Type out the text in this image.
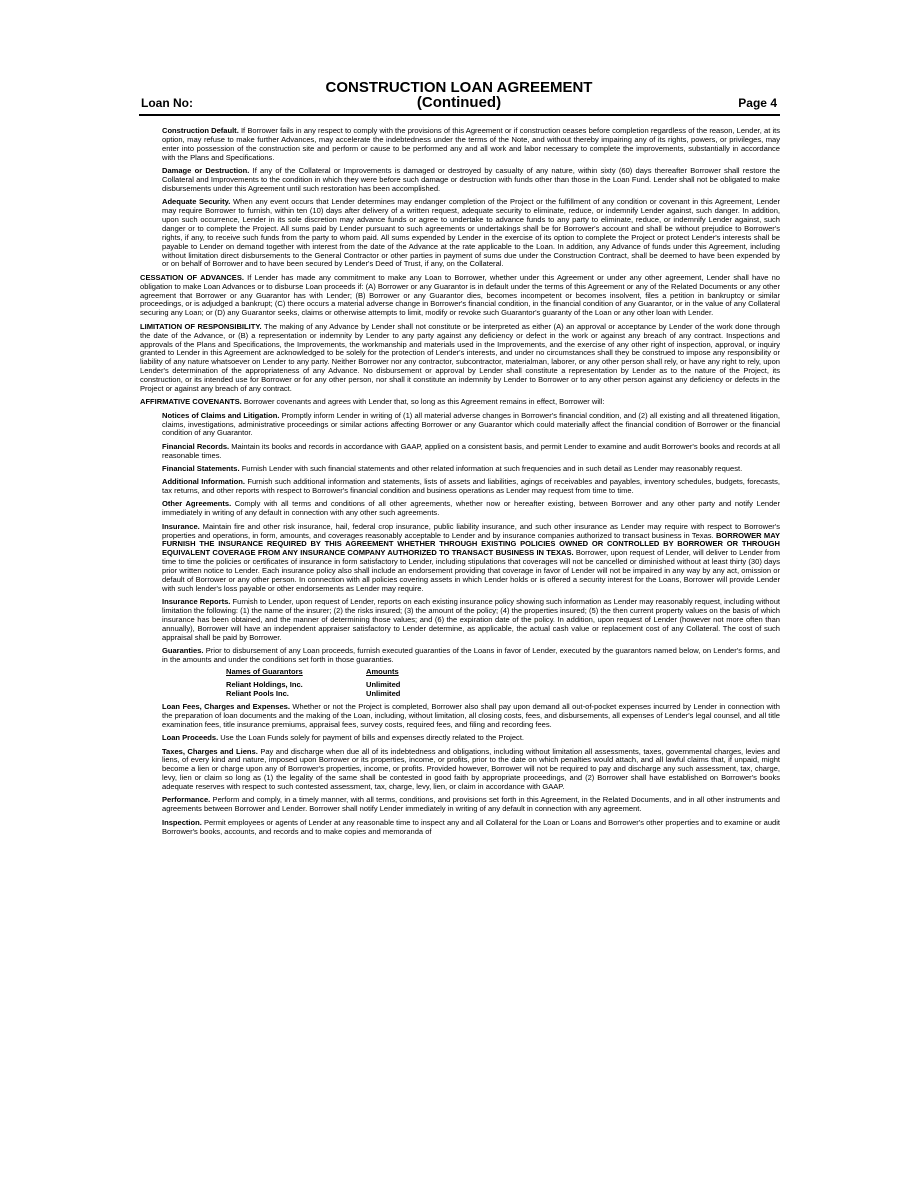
CONSTRUCTION LOAN AGREEMENT
(Continued)
Loan No:	Page 4

Construction Default. If Borrower fails in any respect to comply with the provisions of this Agreement or if construction ceases before completion regardless of the reason, Lender, at its option, may refuse to make further Advances, may accelerate the indebtedness under the terms of the Note, and without thereby impairing any of its rights, powers, or privileges, may enter into possession of the construction site and perform or cause to be performed any and all work and labor necessary to complete the improvements, substantially in accordance with the Plans and Specifications.

Damage or Destruction. If any of the Collateral or Improvements is damaged or destroyed by casualty of any nature, within sixty (60) days thereafter Borrower shall restore the Collateral and Improvements to the condition in which they were before such damage or destruction with funds other than those in the Loan Fund. Lender shall not be obligated to make disbursements under this Agreement until such restoration has been accomplished.

Adequate Security. When any event occurs that Lender determines may endanger completion of the Project or the fulfillment of any condition or covenant in this Agreement, Lender may require Borrower to furnish, within ten (10) days after delivery of a written request, adequate security to eliminate, reduce, or indemnify Lender against, such danger. In addition, upon such occurrence, Lender in its sole discretion may advance funds or agree to undertake to advance funds to any party to eliminate, reduce, or indemnify Lender against, such danger or to complete the Project. All sums paid by Lender pursuant to such agreements or undertakings shall be for Borrower's account and shall be without prejudice to Borrower's rights, if any, to receive such funds from the party to whom paid. All sums expended by Lender in the exercise of its option to complete the Project or protect Lender's interests shall be payable to Lender on demand together with interest from the date of the Advance at the rate applicable to the Loan. In addition, any Advance of funds under this Agreement, including without limitation direct disbursements to the General Contractor or other parties in payment of sums due under the Construction Contract, shall be deemed to have been expended by or on behalf of Borrower and to have been secured by Lender's Deed of Trust, if any, on the Collateral.

CESSATION OF ADVANCES. If Lender has made any commitment to make any Loan to Borrower, whether under this Agreement or under any other agreement, Lender shall have no obligation to make Loan Advances or to disburse Loan proceeds if: (A) Borrower or any Guarantor is in default under the terms of this Agreement or any of the Related Documents or any other agreement that Borrower or any Guarantor has with Lender; (B) Borrower or any Guarantor dies, becomes incompetent or becomes insolvent, files a petition in bankruptcy or similar proceedings, or is adjudged a bankrupt; (C) there occurs a material adverse change in Borrower's financial condition, in the financial condition of any Guarantor, or in the value of any Collateral securing any Loan; or (D) any Guarantor seeks, claims or otherwise attempts to limit, modify or revoke such Guarantor's guaranty of the Loan or any other loan with Lender.

LIMITATION OF RESPONSIBILITY. The making of any Advance by Lender shall not constitute or be interpreted as either (A) an approval or acceptance by Lender of the work done through the date of the Advance, or (B) a representation or indemnity by Lender to any party against any deficiency or defect in the work or against any breach of any contract. Inspections and approvals of the Plans and Specifications, the Improvements, the workmanship and materials used in the Improvements, and the exercise of any other right of inspection, approval, or inquiry granted to Lender in this Agreement are acknowledged to be solely for the protection of Lender's interests, and under no circumstances shall they be construed to impose any responsibility or liability of any nature whatsoever on Lender to any party. Neither Borrower nor any contractor, subcontractor, materialman, laborer, or any other person shall rely, or have any right to rely, upon Lender's determination of the appropriateness of any Advance. No disbursement or approval by Lender shall constitute a representation by Lender as to the nature of the Project, its construction, or its intended use for Borrower or for any other person, nor shall it constitute an indemnity by Lender to Borrower or to any other person against any deficiency or defects in the Project or against any breach of any contract.

AFFIRMATIVE COVENANTS. Borrower covenants and agrees with Lender that, so long as this Agreement remains in effect, Borrower will:

Notices of Claims and Litigation. Promptly inform Lender in writing of (1) all material adverse changes in Borrower's financial condition, and (2) all existing and all threatened litigation, claims, investigations, administrative proceedings or similar actions affecting Borrower or any Guarantor which could materially affect the financial condition of Borrower or the financial condition of any Guarantor.

Financial Records. Maintain its books and records in accordance with GAAP, applied on a consistent basis, and permit Lender to examine and audit Borrower's books and records at all reasonable times.

Financial Statements. Furnish Lender with such financial statements and other related information at such frequencies and in such detail as Lender may reasonably request.

Additional Information. Furnish such additional information and statements, lists of assets and liabilities, agings of receivables and payables, inventory schedules, budgets, forecasts, tax returns, and other reports with respect to Borrower's financial condition and business operations as Lender may request from time to time.

Other Agreements. Comply with all terms and conditions of all other agreements, whether now or hereafter existing, between Borrower and any other party and notify Lender immediately in writing of any default in connection with any other such agreements.

Insurance. Maintain fire and other risk insurance, hail, federal crop insurance, public liability insurance, and such other insurance as Lender may require with respect to Borrower's properties and operations, in form, amounts, and coverages reasonably acceptable to Lender and by insurance companies authorized to transact business in Texas. BORROWER MAY FURNISH THE INSURANCE REQUIRED BY THIS AGREEMENT WHETHER THROUGH EXISTING POLICIES OWNED OR CONTROLLED BY BORROWER OR THROUGH EQUIVALENT COVERAGE FROM ANY INSURANCE COMPANY AUTHORIZED TO TRANSACT BUSINESS IN TEXAS. Borrower, upon request of Lender, will deliver to Lender from time to time the policies or certificates of insurance in form satisfactory to Lender, including stipulations that coverages will not be cancelled or diminished without at least thirty (30) days prior written notice to Lender. Each insurance policy also shall include an endorsement providing that coverage in favor of Lender will not be impaired in any way by any act, omission or default of Borrower or any other person. In connection with all policies covering assets in which Lender holds or is offered a security interest for the Loans, Borrower will provide Lender with such lender's loss payable or other endorsements as Lender may require.

Insurance Reports. Furnish to Lender, upon request of Lender, reports on each existing insurance policy showing such information as Lender may reasonably request, including without limitation the following: (1) the name of the insurer; (2) the risks insured; (3) the amount of the policy; (4) the properties insured; (5) the then current property values on the basis of which insurance has been obtained, and the manner of determining those values; and (6) the expiration date of the policy. In addition, upon request of Lender (however not more often than annually), Borrower will have an independent appraiser satisfactory to Lender determine, as applicable, the actual cash value or replacement cost of any Collateral. The cost of such appraisal shall be paid by Borrower.

Guaranties. Prior to disbursement of any Loan proceeds, furnish executed guaranties of the Loans in favor of Lender, executed by the guarantors named below, on Lender's forms, and in the amounts and under the conditions set forth in those guaranties.

Names of Guarantors	Amounts

Reliant Holdings, Inc.	Unlimited
Reliant Pools Inc.	Unlimited

Loan Fees, Charges and Expenses. Whether or not the Project is completed, Borrower also shall pay upon demand all out-of-pocket expenses incurred by Lender in connection with the preparation of loan documents and the making of the Loan, including, without limitation, all closing costs, fees, and disbursements, all expenses of Lender's legal counsel, and all title examination fees, title insurance premiums, appraisal fees, survey costs, required fees, and filing and recording fees.

Loan Proceeds. Use the Loan Funds solely for payment of bills and expenses directly related to the Project.

Taxes, Charges and Liens. Pay and discharge when due all of its indebtedness and obligations, including without limitation all assessments, taxes, governmental charges, levies and liens, of every kind and nature, imposed upon Borrower or its properties, income, or profits, prior to the date on which penalties would attach, and all lawful claims that, if unpaid, might become a lien or charge upon any of Borrower's properties, income, or profits. Provided however, Borrower will not be required to pay and discharge any such assessment, tax, charge, levy, lien or claim so long as (1) the legality of the same shall be contested in good faith by appropriate proceedings, and (2) Borrower shall have established on Borrower's books adequate reserves with respect to such contested assessment, tax, charge, levy, lien, or claim in accordance with GAAP.

Performance. Perform and comply, in a timely manner, with all terms, conditions, and provisions set forth in this Agreement, in the Related Documents, and in all other instruments and agreements between Borrower and Lender. Borrower shall notify Lender immediately in writing of any default in connection with any agreement.

Inspection. Permit employees or agents of Lender at any reasonable time to inspect any and all Collateral for the Loan or Loans and Borrower's other properties and to examine or audit Borrower's books, accounts, and records and to make copies and memoranda of
